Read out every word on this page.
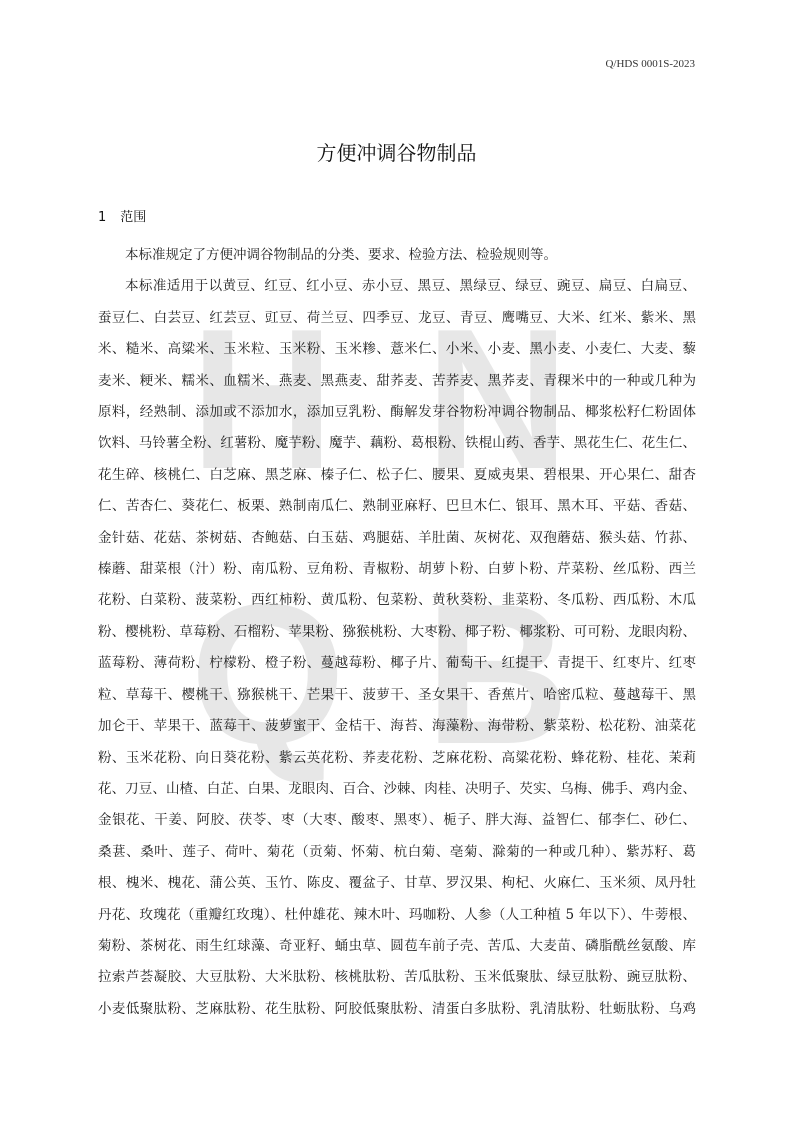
H N
Q B
Q/HDS 0001S-2023
方便冲调谷物制品
1 范围

本标准规定了方便冲调谷物制品的分类、要求、检验方法、检验规则等。

本标准适用于以黄豆、红豆、红小豆、赤小豆、黑豆、黑绿豆、绿豆、豌豆、扁豆、白扁豆、
蚕豆仁、白芸豆、红芸豆、豇豆、荷兰豆、四季豆、龙豆、青豆、鹰嘴豆、大米、红米、紫米、黑
米、糙米、高粱米、玉米粒、玉米粉、玉米糁、薏米仁、小米、小麦、黑小麦、小麦仁、大麦、藜
麦米、粳米、糯米、血糯米、燕麦、黑燕麦、甜荞麦、苦荞麦、黑荞麦、青稞米中的一种或几种为
原料，经熟制、添加或不添加水，添加豆乳粉、酶解发芽谷物粉冲调谷物制品、椰浆松籽仁粉固体
饮料、马铃薯全粉、红薯粉、魔芋粉、魔芋、藕粉、葛根粉、铁棍山药、香芋、黑花生仁、花生仁、
花生碎、核桃仁、白芝麻、黑芝麻、榛子仁、松子仁、腰果、夏威夷果、碧根果、开心果仁、甜杏
仁、苦杏仁、葵花仁、板栗、熟制南瓜仁、熟制亚麻籽、巴旦木仁、银耳、黑木耳、平菇、香菇、
金针菇、花菇、茶树菇、杏鲍菇、白玉菇、鸡腿菇、羊肚菌、灰树花、双孢蘑菇、猴头菇、竹荪、
榛蘑、甜菜根（汁）粉、南瓜粉、豆角粉、青椒粉、胡萝卜粉、白萝卜粉、芹菜粉、丝瓜粉、西兰
花粉、白菜粉、菠菜粉、西红柿粉、黄瓜粉、包菜粉、黄秋葵粉、韭菜粉、冬瓜粉、西瓜粉、木瓜
粉、樱桃粉、草莓粉、石榴粉、苹果粉、猕猴桃粉、大枣粉、椰子粉、椰浆粉、可可粉、龙眼肉粉、
蓝莓粉、薄荷粉、柠檬粉、橙子粉、蔓越莓粉、椰子片、葡萄干、红提干、青提干、红枣片、红枣
粒、草莓干、樱桃干、猕猴桃干、芒果干、菠萝干、圣女果干、香蕉片、哈密瓜粒、蔓越莓干、黑
加仑干、苹果干、蓝莓干、菠萝蜜干、金桔干、海苔、海藻粉、海带粉、紫菜粉、松花粉、油菜花
粉、玉米花粉、向日葵花粉、紫云英花粉、荞麦花粉、芝麻花粉、高粱花粉、蜂花粉、桂花、茉莉
花、刀豆、山楂、白芷、白果、龙眼肉、百合、沙棘、肉桂、决明子、芡实、乌梅、佛手、鸡内金、
金银花、干姜、阿胶、茯苓、枣（大枣、酸枣、黑枣）、栀子、胖大海、益智仁、郁李仁、砂仁、
桑葚、桑叶、莲子、荷叶、菊花（贡菊、怀菊、杭白菊、亳菊、滁菊的一种或几种）、紫苏籽、葛
根、槐米、槐花、蒲公英、玉竹、陈皮、覆盆子、甘草、罗汉果、枸杞、火麻仁、玉米须、凤丹牡
丹花、玫瑰花（重瓣红玫瑰）、杜仲雄花、辣木叶、玛咖粉、人参（人工种植 5 年以下）、牛蒡根、
菊粉、茶树花、雨生红球藻、奇亚籽、蛹虫草、圆苞车前子壳、苦瓜、大麦苗、磷脂酰丝氨酸、库
拉索芦荟凝胶、大豆肽粉、大米肽粉、核桃肽粉、苦瓜肽粉、玉米低聚肽、绿豆肽粉、豌豆肽粉、
小麦低聚肽粉、芝麻肽粉、花生肽粉、阿胶低聚肽粉、清蛋白多肽粉、乳清肽粉、牡蛎肽粉、乌鸡
